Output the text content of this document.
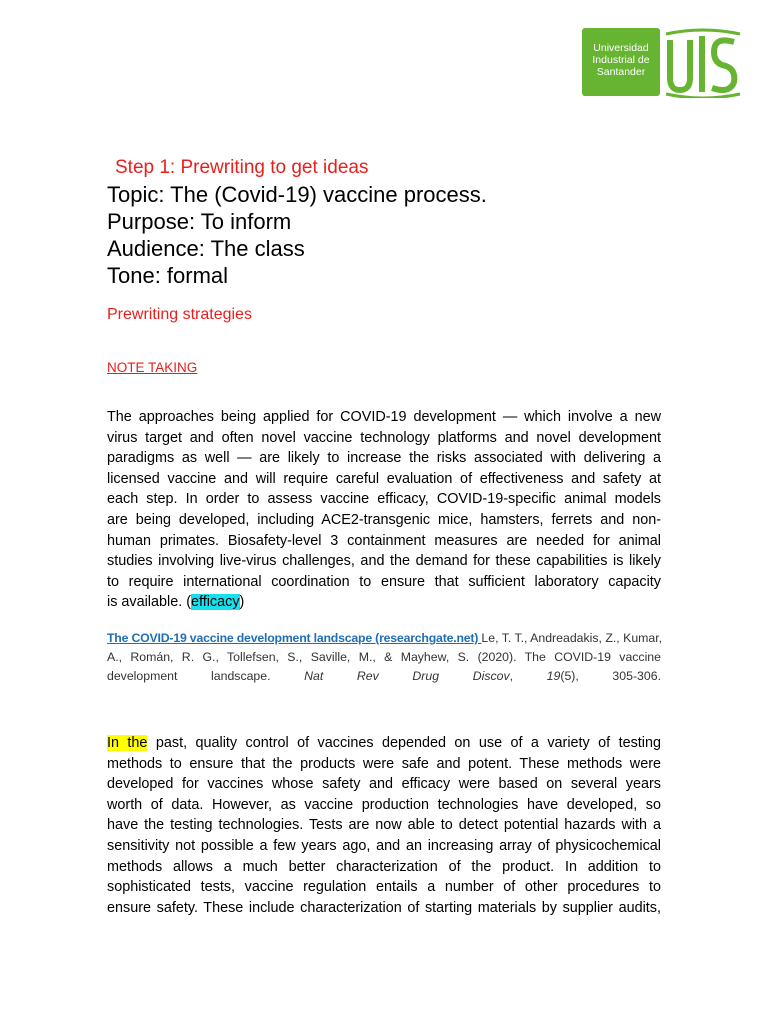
Universidad
Industrial de
Santander
Step 1: Prewriting to get ideas
Topic: The (Covid-19) vaccine process.
Purpose: To inform
Audience: The class
Tone: formal
Prewriting strategies
NOTE TAKING
The approaches being applied for COVID-19 development — which involve a new
virus target and often novel vaccine technology platforms and novel development
paradigms as well — are likely to increase the risks associated with delivering a
licensed vaccine and will require careful evaluation of effectiveness and safety at
each step. In order to assess vaccine efficacy, COVID-19-specific animal models
are being developed, including ACE2-transgenic mice, hamsters, ferrets and non-
human primates. Biosafety-level 3 containment measures are needed for animal
studies involving live-virus challenges, and the demand for these capabilities is likely
to require international coordination to ensure that sufficient laboratory capacity
is available. (efficacy)
The COVID-19 vaccine development landscape (researchgate.net) Le, T. T., Andreadakis, Z., Kumar,
A., Román, R. G., Tollefsen, S., Saville, M., & Mayhew, S. (2020). The COVID-19 vaccine
development landscape. Nat Rev Drug Discov, 19(5), 305-306.
In the past, quality control of vaccines depended on use of a variety of testing
methods to ensure that the products were safe and potent. These methods were
developed for vaccines whose safety and efficacy were based on several years
worth of data. However, as vaccine production technologies have developed, so
have the testing technologies. Tests are now able to detect potential hazards with a
sensitivity not possible a few years ago, and an increasing array of physicochemical
methods allows a much better characterization of the product. In addition to
sophisticated tests, vaccine regulation entails a number of other procedures to
ensure safety. These include characterization of starting materials by supplier audits,
